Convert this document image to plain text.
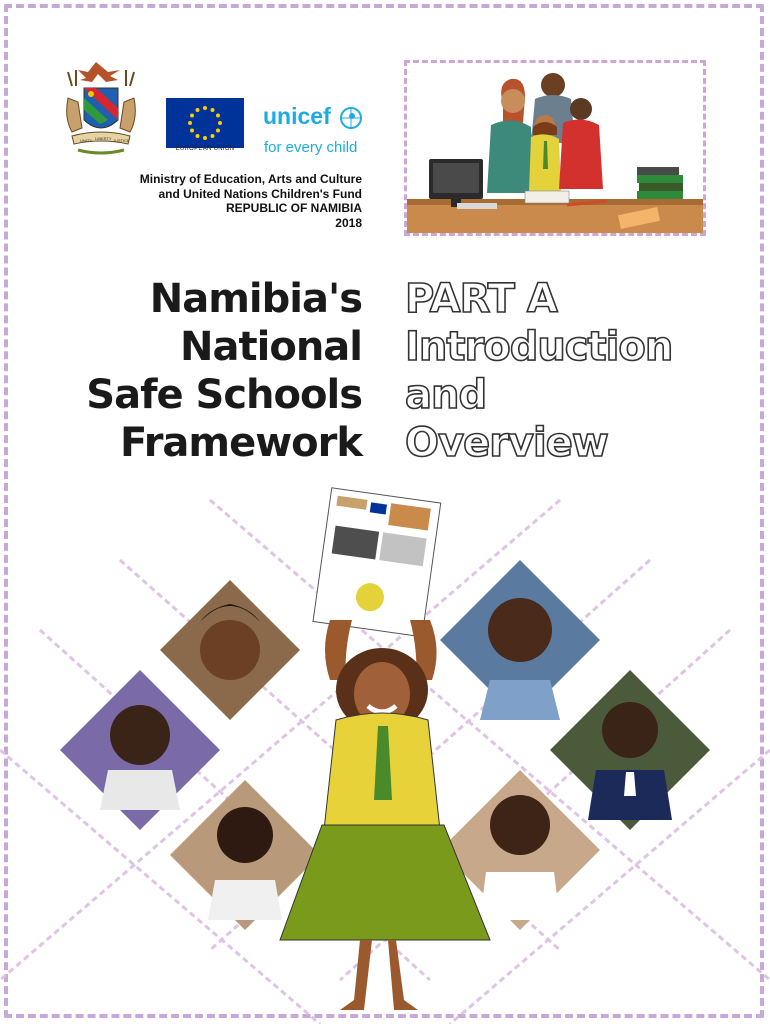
UNITY LIBERTY JUSTICE
EUROPEAN UNION
unicef
for every child
Ministry of Education, Arts and Culture
and United Nations Children's Fund
REPUBLIC OF NAMIBIA
2018
Namibia's
National
Safe Schools
Framework
PART A
Introduction
and
Overview
